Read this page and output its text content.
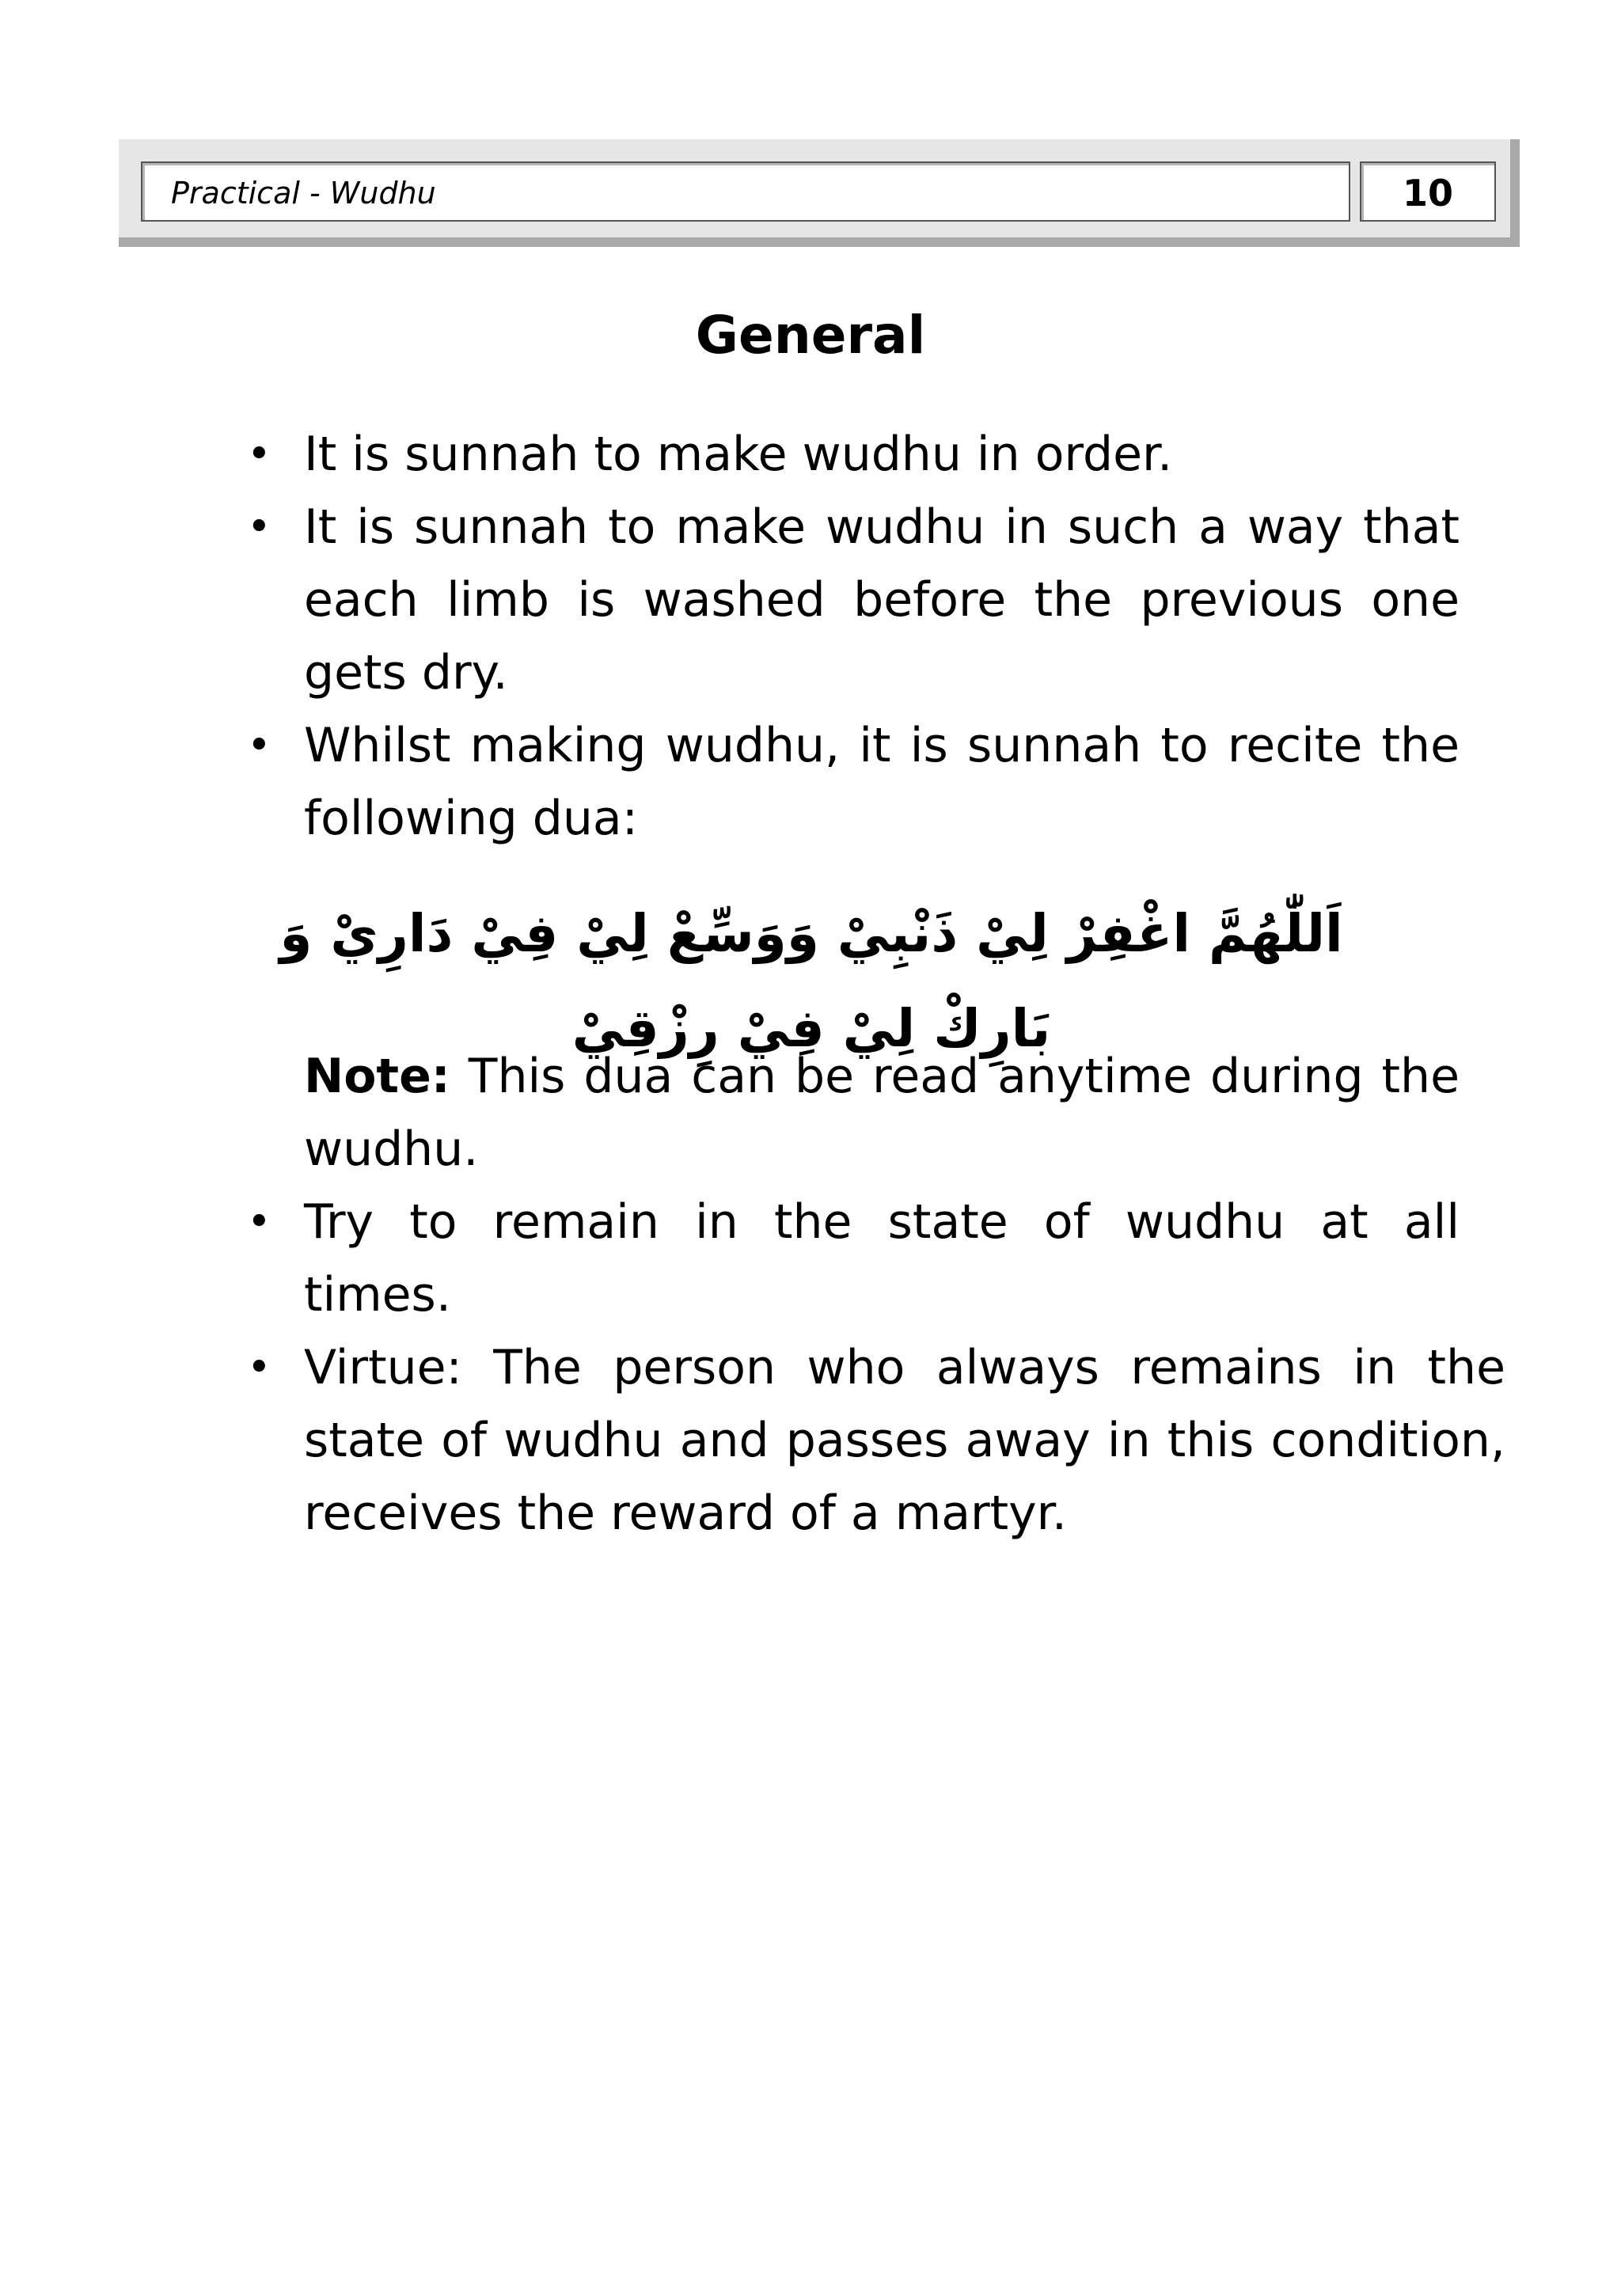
Practical - Wudhu	10
General
• It is sunnah to make wudhu in order.
• It is sunnah to make wudhu in such a way that
each limb is washed before the previous one
gets dry.
• Whilst making wudhu, it is sunnah to recite the
following dua:
اَللّٰهُمَّ اغْفِرْ لِيْ ذَنْبِيْ وَوَسِّعْ لِيْ فِيْ دَارِيْ وَ بَارِكْ لِيْ فِيْ رِزْقِيْ
Note: This dua can be read anytime during the
wudhu.
• Try to remain in the state of wudhu at all
times.
• Virtue: The person who always remains in the
state of wudhu and passes away in this condition,
receives the reward of a martyr.
